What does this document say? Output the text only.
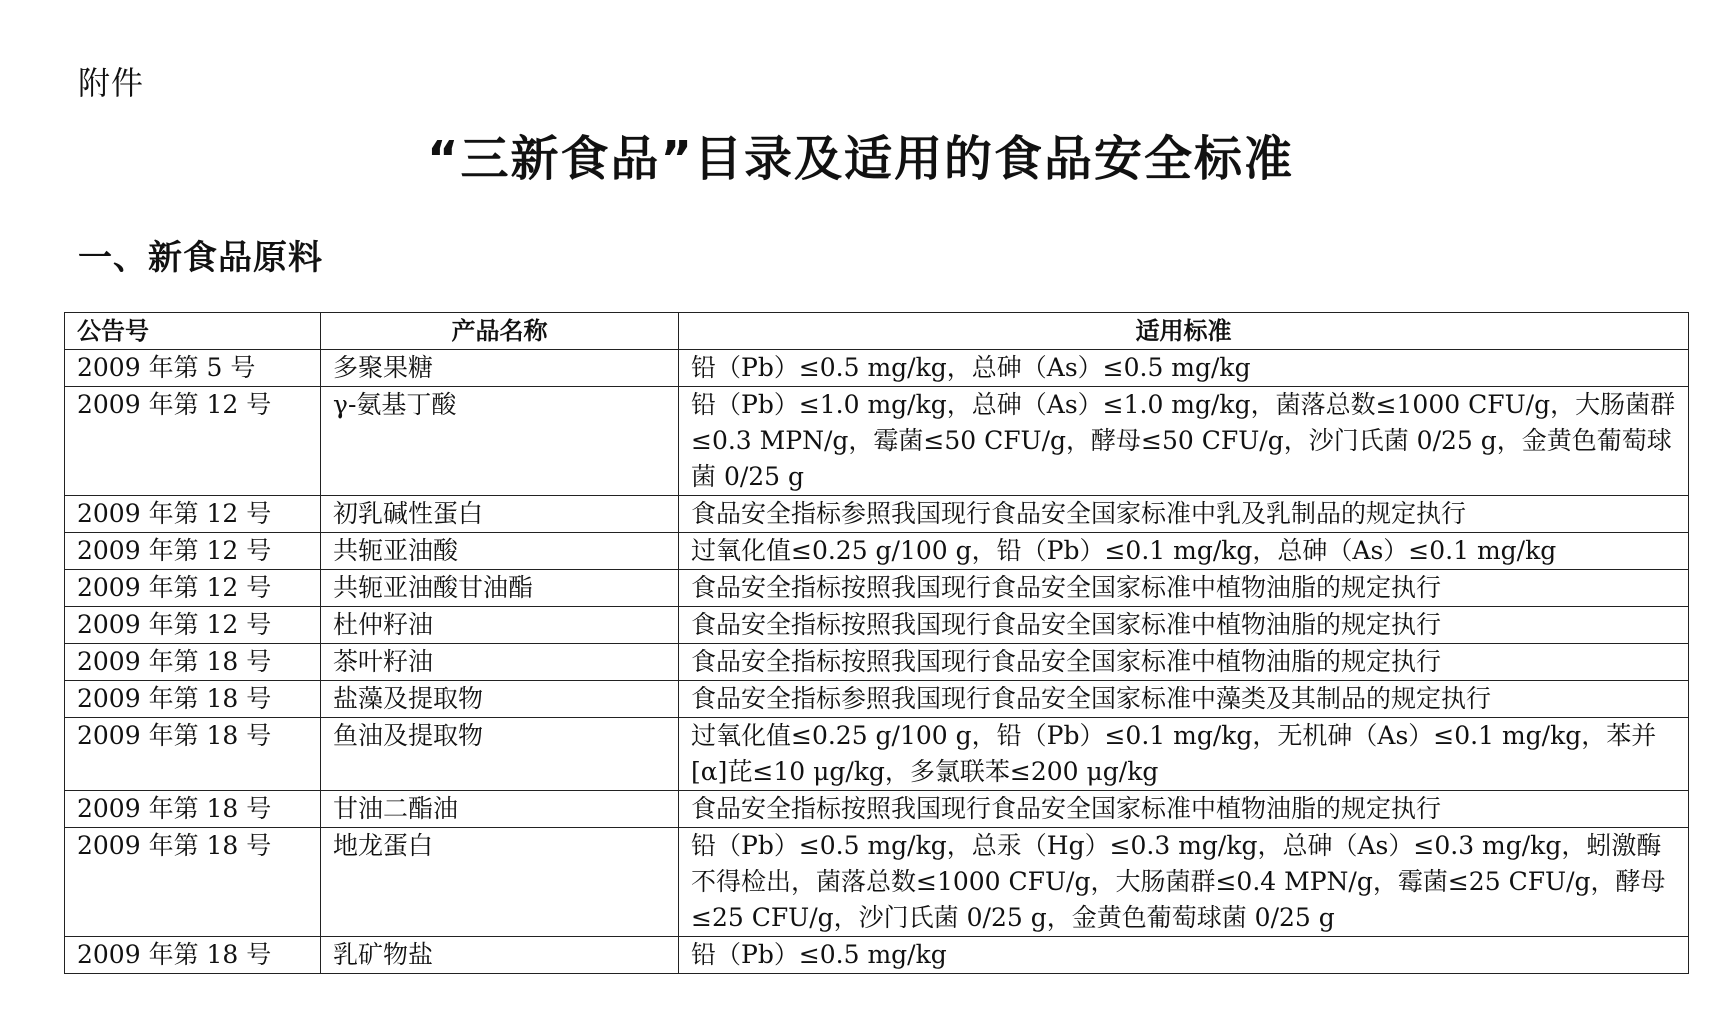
附件
“三新食品”目录及适用的食品安全标准
一、新食品原料
公告号	产品名称	适用标准
2009 年第 5 号	多聚果糖	铅（Pb）≤0.5 mg/kg，总砷（As）≤0.5 mg/kg
2009 年第 12 号	γ-氨基丁酸	铅（Pb）≤1.0 mg/kg，总砷（As）≤1.0 mg/kg，菌落总数≤1000 CFU/g，大肠菌群≤0.3 MPN/g，霉菌≤50 CFU/g，酵母≤50 CFU/g，沙门氏菌 0/25 g，金黄色葡萄球菌 0/25 g
2009 年第 12 号	初乳碱性蛋白	食品安全指标参照我国现行食品安全国家标准中乳及乳制品的规定执行
2009 年第 12 号	共轭亚油酸	过氧化值≤0.25 g/100 g，铅（Pb）≤0.1 mg/kg，总砷（As）≤0.1 mg/kg
2009 年第 12 号	共轭亚油酸甘油酯	食品安全指标按照我国现行食品安全国家标准中植物油脂的规定执行
2009 年第 12 号	杜仲籽油	食品安全指标按照我国现行食品安全国家标准中植物油脂的规定执行
2009 年第 18 号	茶叶籽油	食品安全指标按照我国现行食品安全国家标准中植物油脂的规定执行
2009 年第 18 号	盐藻及提取物	食品安全指标参照我国现行食品安全国家标准中藻类及其制品的规定执行
2009 年第 18 号	鱼油及提取物	过氧化值≤0.25 g/100 g，铅（Pb）≤0.1 mg/kg，无机砷（As）≤0.1 mg/kg，苯并[α]芘≤10 μg/kg，多氯联苯≤200 μg/kg
2009 年第 18 号	甘油二酯油	食品安全指标按照我国现行食品安全国家标准中植物油脂的规定执行
2009 年第 18 号	地龙蛋白	铅（Pb）≤0.5 mg/kg，总汞（Hg）≤0.3 mg/kg，总砷（As）≤0.3 mg/kg，蚓激酶不得检出，菌落总数≤1000 CFU/g，大肠菌群≤0.4 MPN/g，霉菌≤25 CFU/g，酵母≤25 CFU/g，沙门氏菌 0/25 g，金黄色葡萄球菌 0/25 g
2009 年第 18 号	乳矿物盐	铅（Pb）≤0.5 mg/kg
